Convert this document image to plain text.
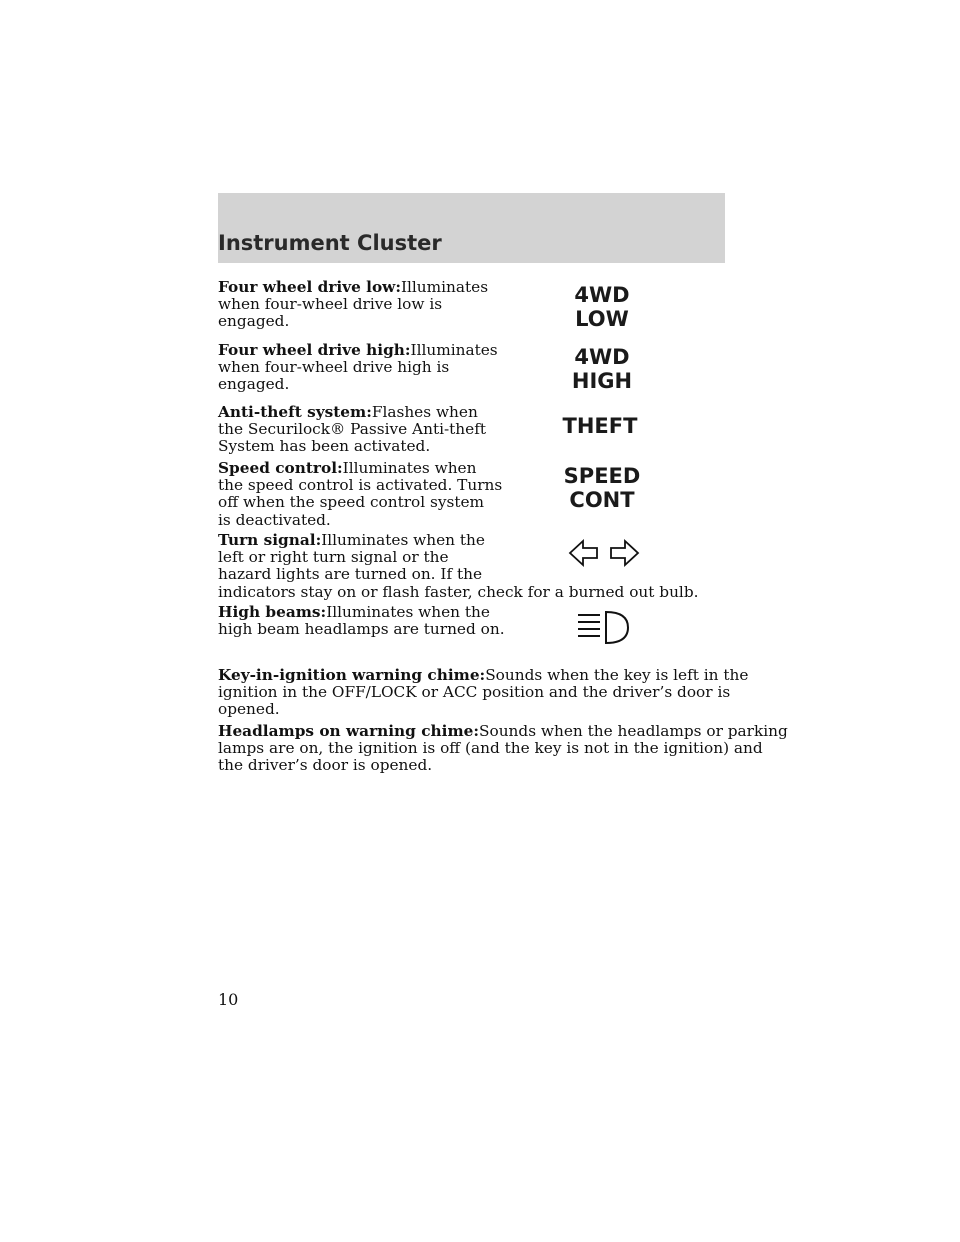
Instrument Cluster
Four wheel drive low:Illuminates
when four-wheel drive low is
engaged.
4WD
LOW
Four wheel drive high:Illuminates
when four-wheel drive high is
engaged.
4WD
HIGH
Anti-theft system:Flashes when
the Securilock® Passive Anti-theft
System has been activated.
THEFT
Speed control:Illuminates when
the speed control is activated. Turns
off when the speed control system
is deactivated.
SPEED
CONT
Turn signal:Illuminates when the
left or right turn signal or the
hazard lights are turned on. If the
indicators stay on or flash faster, check for a burned out bulb.
High beams:Illuminates when the
high beam headlamps are turned on.
Key-in-ignition warning chime:Sounds when the key is left in the
ignition in the OFF/LOCK or ACC position and the driver’s door is
opened.
Headlamps on warning chime:Sounds when the headlamps or parking
lamps are on, the ignition is off (and the key is not in the ignition) and
the driver’s door is opened.
10
